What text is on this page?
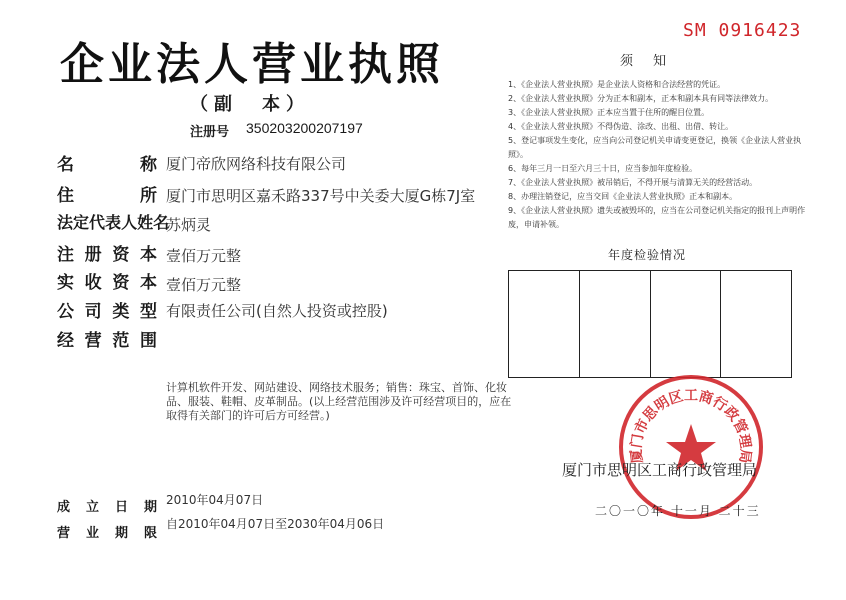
企业法人营业执照
（副　本）
SM 0916423
注册号 350203200207197
名	称
住	所
法 定 代 表 人 姓 名
注 册 资 本
实 收 资 本
公 司 类 型
经 营 范 围
厦门帝欣网络科技有限公司
厦门市思明区嘉禾路337号中关委大厦G栋7J室
苏炳灵
壹佰万元整
壹佰万元整
有限责任公司(自然人投资或控股)
计算机软件开发、网站建设、网络技术服务；销售：珠宝、首饰、化妆品、服装、鞋帽、皮革制品。(以上经营范围涉及许可经营项目的，应在取得有关部门的许可后方可经营。)
成 立 日 期
营 业 期 限
2010年04月07日
自2010年04月07日至2030年04月06日
须知
1、《企业法人营业执照》是企业法人资格和合法经营的凭证。
2、《企业法人营业执照》分为正本和副本，正本和副本具有同等法律效力。
3、《企业法人营业执照》正本应当置于住所的醒目位置。
4、《企业法人营业执照》不得伪造、涂改、出租、出借、转让。
5、登记事项发生变化，应当向公司登记机关申请变更登记，换领《企业法人营业执照》。
6、每年三月一日至六月三十日，应当参加年度检验。
7、《企业法人营业执照》被吊销后，不得开展与清算无关的经营活动。
8、办理注销登记，应当交回《企业法人营业执照》正本和副本。
9、《企业法人营业执照》遗失或被毁坏的，应当在公司登记机关指定的报刊上声明作废，申请补领。
年度检验情况
厦门市思明区工商行政管理局
厦门市思明区工商行政管理局
二〇一〇年 十一月 二十三
